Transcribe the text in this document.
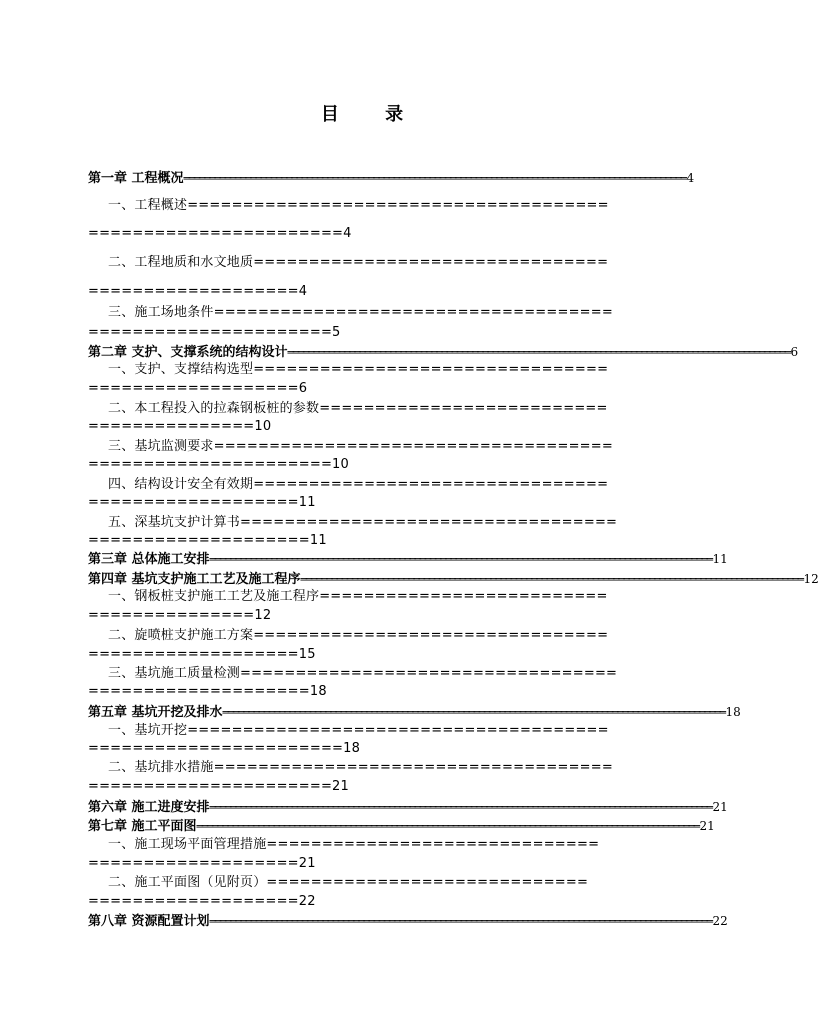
目 录
第一章 工程概况 ══════════════════════════════════════════════════════════════════════════════════════════════════ 4
一、工程概述======================================
=======================4
二、工程地质和水文地质================================
===================4
三、施工场地条件====================================
======================5
第二章 支护、支撑系统的结构设计 ══════════════════════════════════════════════════════════════════════════════════════════════════ 6
一、支护、支撑结构选型================================
===================6
二、本工程投入的拉森钢板桩的参数==========================
===============10
三、基坑监测要求====================================
======================10
四、结构设计安全有效期================================
===================11
五、深基坑支护计算书==================================
====================11
第三章 总体施工安排 ══════════════════════════════════════════════════════════════════════════════════════════════════ 11
第四章 基坑支护施工工艺及施工程序 ══════════════════════════════════════════════════════════════════════════════════════════════════ 12
一、钢板桩支护施工工艺及施工程序==========================
===============12
二、旋喷桩支护施工方案================================
===================15
三、基坑施工质量检测==================================
====================18
第五章 基坑开挖及排水 ══════════════════════════════════════════════════════════════════════════════════════════════════ 18
一、基坑开挖======================================
=======================18
二、基坑排水措施====================================
======================21
第六章 施工进度安排 ══════════════════════════════════════════════════════════════════════════════════════════════════ 21
第七章 施工平面图 ══════════════════════════════════════════════════════════════════════════════════════════════════ 21
一、施工现场平面管理措施==============================
===================21
二、施工平面图（见附页）=============================
===================22
第八章 资源配置计划 ══════════════════════════════════════════════════════════════════════════════════════════════════ 22
